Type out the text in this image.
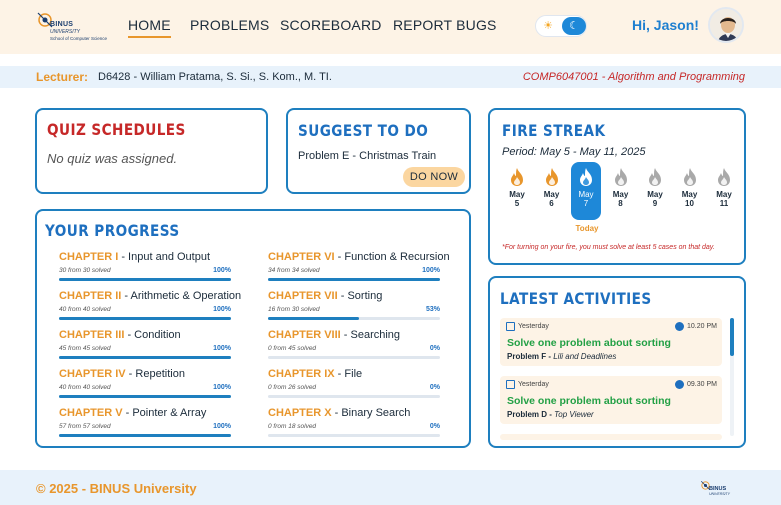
BINUS
UNIVERSITY
School of Computer Science
HOME PROBLEMS SCOREBOARD REPORT BUGS	☀	☾	Hi, Jason!
Lecturer: D6428 - William Pratama, S. Si., S. Kom., M. TI.	COMP6047001 - Algorithm and Programming
QUIZ SCHEDULES
No quiz was assigned.
SUGGEST TO DO
Problem E - Christmas Train
DO NOW
FIRE STREAK
Period: May 5 - May 11, 2025
May
5
May
6
May
7
May
8
May
9
May
10
May
11
Today
*For turning on your fire, you must solve at least 5 cases on that day.
YOUR PROGRESS
CHAPTER I - Input and Output
30 from 30 solved	100%
CHAPTER II - Arithmetic & Operation
40 from 40 solved	100%
CHAPTER III - Condition
45 from 45 solved	100%
CHAPTER IV - Repetition
40 from 40 solved	100%
CHAPTER V - Pointer & Array
57 from 57 solved	100%
CHAPTER VI - Function & Recursion
34 from 34 solved	100%
CHAPTER VII - Sorting
16 from 30 solved	53%
CHAPTER VIII - Searching
0 from 45 solved	0%
CHAPTER IX - File
0 from 26 solved	0%
CHAPTER X - Binary Search
0 from 18 solved	0%
LATEST ACTIVITIES
Yesterday	10.20 PM
Solve one problem about sorting
Problem F - Lili and Deadlines
Yesterday	09.30 PM
Solve one problem about sorting
Problem D - Top Viewer
© 2025 - BINUS University	BINUS
UNIVERSITY
